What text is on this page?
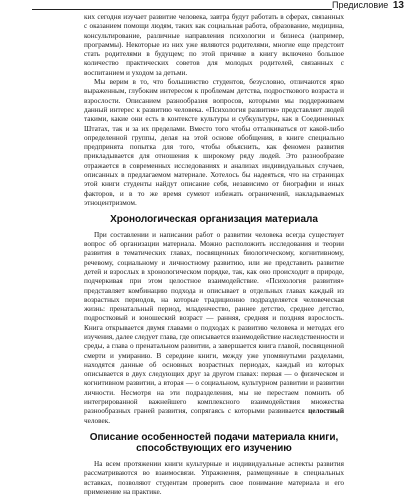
Предисловие 13

ких сегодня изучает развитие человека, завтра будут работать в сферах, связанных с оказанием помощи людям, таких как социальная работа, образование, медицина, консультирование, различные направления психологии и бизнеса (например, программы). Некоторые из них уже являются родителями, многие еще предстоит стать родителями в будущем; по этой причине в книгу включено большое количество практических советов для молодых родителей, связанных с воспитанием и уходом за детьми.

Мы верим в то, что большинство студентов, безусловно, отличаются ярко выраженным, глубоким интересом к проблемам детства, подросткового возраста и взрослости. Описанием разнообразия вопросов, которыми мы поддерживаем данный интерес к развитию человека. «Психология развития» представляет людей такими, какие они есть в контексте культуры и субкультуры, как в Соединенных Штатах, так и за их пределами. Вместо того чтобы отталкиваться от какой-либо определенной группы, делая на этой основе обобщения, в книге специально предпринята попытка для того, чтобы объяснить, как феномен развития прикладывается для отношения к широкому ряду людей. Это разнообразие отражается в современных исследованиях и анализах индивидуальных случаев, описанных в предлагаемом материале. Хотелось бы надеяться, что на страницах этой книги студенты найдут описание себя, независимо от биографии и иных факторов, и в то же время сумеют избежать ограничений, накладываемых этноцентризмом.

Хронологическая организация материала

При составлении и написании работ о развитии человека всегда существует вопрос об организации материала. Можно расположить исследования и теории развития в тематических главах, посвященных биологическому, когнитивному, речевому, социальному и личностному развитию, или же представить развитие детей и взрослых в хронологическом порядке, так, как оно происходит в природе, подчеркивая при этом целостное взаимодействие. «Психология развития» представляет комбинацию подхода и описывает в отдельных главах каждый из возрастных периодов, на которые традиционно подразделяется человеческая жизнь: пренатальный период, младенчество, раннее детство, среднее детство, подростковый и юношеский возраст — ранняя, средняя и поздняя взрослость. Книга открывается двумя главами о подходах к развитию человека и методах его изучения, далее следует глава, где описывается взаимодействие наследственности и среды, а глава о пренатальном развитии, а завершается книга главой, посвященной смерти и умиранию. В середине книги, между уже упомянутыми разделами, находятся данные об основных возрастных периодах, каждый из которых описывается в двух следующих друг за другом главах: первая — о физическом и когнитивном развитии, а вторая — о социальном, культурном развитии и развитии личности. Несмотря на эти подразделения, мы не перестаем помнить об интегрированной важнейшего комплексного взаимодействия множества разнообразных граней развития, сопрягаясь с которыми развивается целостный человек.

Описание особенностей подачи материала книги, способствующих его изучению

На всем протяжении книги культурные и индивидуальные аспекты развития рассматриваются во взаимосвязи. Упражнения, размещенные в специальных вставках, позволяют студентам проверить свое понимание материала и его применение на практике.
